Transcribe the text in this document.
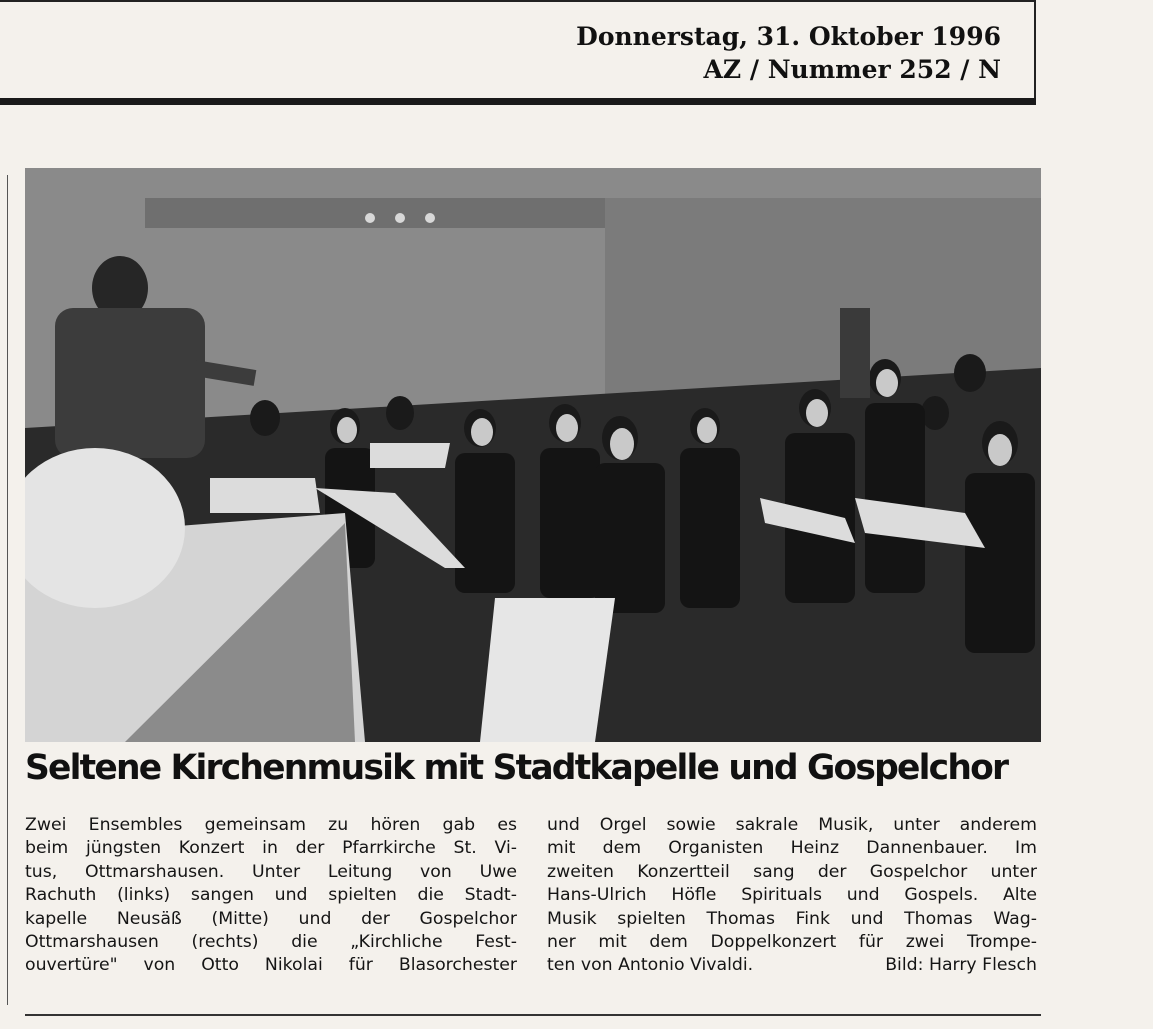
Donnerstag, 31. Oktober 1996
AZ / Nummer 252 / N
Seltene Kirchenmusik mit Stadtkapelle und Gospelchor
Zwei Ensembles gemeinsam zu hören gab es
beim jüngsten Konzert in der Pfarrkirche St. Vi-
tus, Ottmarshausen. Unter Leitung von Uwe
Rachuth (links) sangen und spielten die Stadt-
kapelle Neusäß (Mitte) und der Gospelchor
Ottmarshausen (rechts) die „Kirchliche Fest-
ouvertüre" von Otto Nikolai für Blasorchester
und Orgel sowie sakrale Musik, unter anderem
mit dem Organisten Heinz Dannenbauer. Im
zweiten Konzertteil sang der Gospelchor unter
Hans-Ulrich Höfle Spirituals und Gospels. Alte
Musik spielten Thomas Fink und Thomas Wag-
ner mit dem Doppelkonzert für zwei Trompe-
ten von Antonio Vivaldi.	Bild: Harry Flesch
